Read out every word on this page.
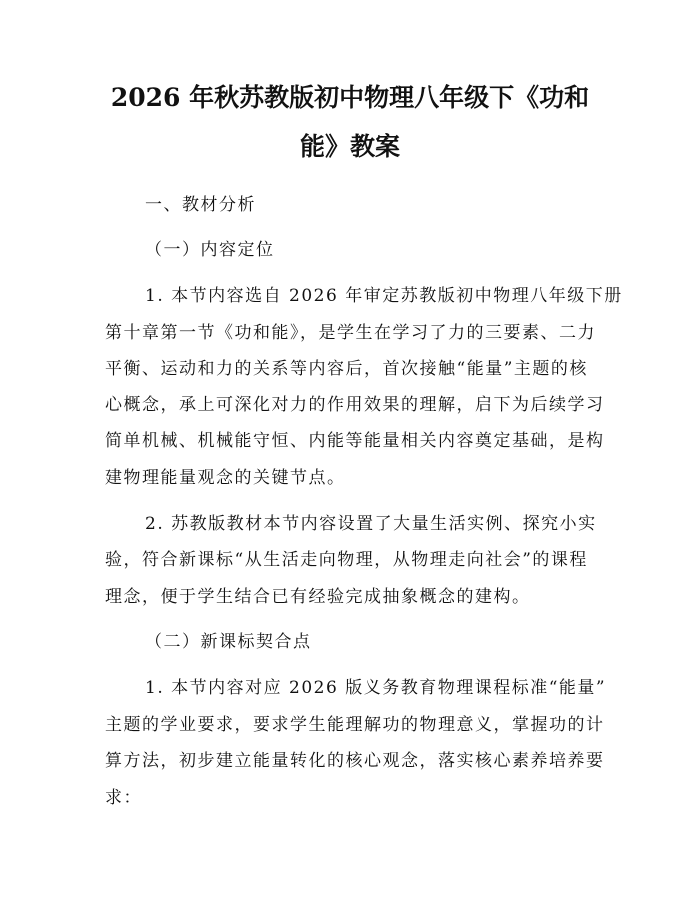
2026 年秋苏教版初中物理八年级下《功和
能》教案
一、教材分析
（一）内容定位
1. 本节内容选自 2026 年审定苏教版初中物理八年级下册
第十章第一节《功和能》，是学生在学习了力的三要素、二力
平衡、运动和力的关系等内容后，首次接触“能量”主题的核
心概念，承上可深化对力的作用效果的理解，启下为后续学习
简单机械、机械能守恒、内能等能量相关内容奠定基础，是构
建物理能量观念的关键节点。
2. 苏教版教材本节内容设置了大量生活实例、探究小实
验，符合新课标“从生活走向物理，从物理走向社会”的课程
理念，便于学生结合已有经验完成抽象概念的建构。
（二）新课标契合点
1. 本节内容对应 2026 版义务教育物理课程标准“能量”
主题的学业要求，要求学生能理解功的物理意义，掌握功的计
算方法，初步建立能量转化的核心观念，落实核心素养培养要
求：
